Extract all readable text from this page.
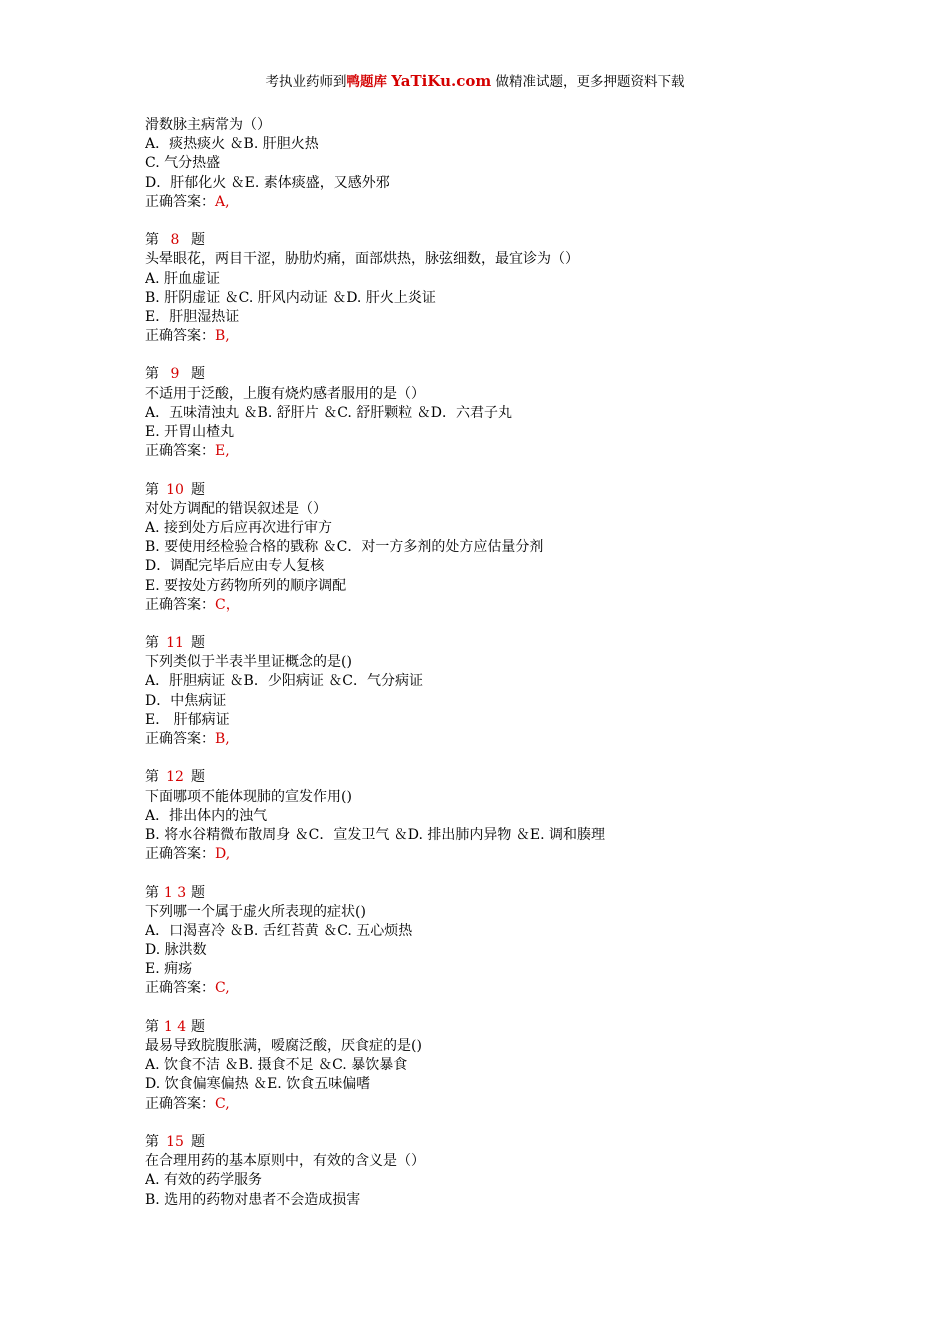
考执业药师到鸭题库 YaTiKu.com 做精准试题，更多押题资料下载
滑数脉主病常为（）
A．痰热痰火 ＆B. 肝胆火热
C. 气分热盛
D．肝郁化火 ＆E. 素体痰盛，又感外邪
正确答案：A,
第 8 题
头晕眼花，两目干涩，胁肋灼痛，面部烘热，脉弦细数，最宜诊为（）
A. 肝血虚证
B. 肝阴虚证 ＆C. 肝风内动证 ＆D. 肝火上炎证
E．肝胆湿热证
正确答案：B,
第 9 题
不适用于泛酸，上腹有烧灼感者服用的是（）
A．五味清浊丸 ＆B. 舒肝片 ＆C. 舒肝颗粒 ＆D．六君子丸
E. 开胃山楂丸
正确答案：E,
第 10 题
对处方调配的错误叙述是（）
A. 接到处方后应再次进行审方
B. 要使用经检验合格的戥称 ＆C．对一方多剂的处方应估量分剂
D．调配完毕后应由专人复核
E. 要按处方药物所列的顺序调配
正确答案：C，
第 11 题
下列类似于半表半里证概念的是()
A．肝胆病证 ＆B．少阳病证 ＆C．气分病证
D．中焦病证
E． 肝郁病证
正确答案：B,
第 12 题
下面哪项不能体现肺的宣发作用()
A．排出体内的浊气
B. 将水谷精微布散周身 ＆C．宣发卫气 ＆D. 排出肺内异物 ＆E. 调和腠理
正确答案：D,
第 1 3 题
下列哪一个属于虚火所表现的症状()
A．口渴喜冷 ＆B. 舌红苔黄 ＆C. 五心烦热
D. 脉洪数
E. 痈疡
正确答案：C,
第 1 4 题
最易导致脘腹胀满，嗳腐泛酸，厌食症的是()
A. 饮食不洁 ＆B. 摄食不足 ＆C. 暴饮暴食
D. 饮食偏寒偏热 ＆E. 饮食五味偏嗜
正确答案：C,
第 15 题
在合理用药的基本原则中，有效的含义是（）
A. 有效的药学服务
B. 选用的药物对患者不会造成损害
